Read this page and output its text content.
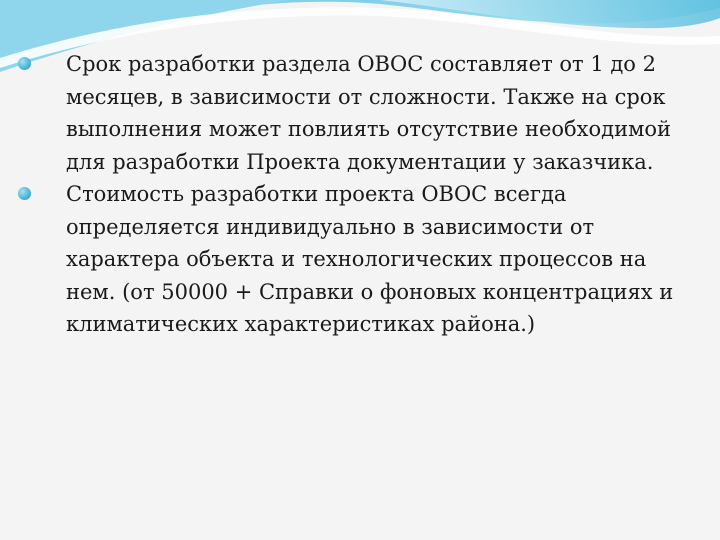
Срок разработки раздела ОВОС составляет от 1 до 2 месяцев, в зависимости от сложности. Также на срок выполнения может повлиять отсутствие необходимой для разработки Проекта документации у заказчика.

Стоимость разработки проекта ОВОС всегда определяется индивидуально в зависимости от характера объекта и технологических процессов на нем. (от 50000 + Справки о фоновых концентрациях и климатических характеристиках района.)
